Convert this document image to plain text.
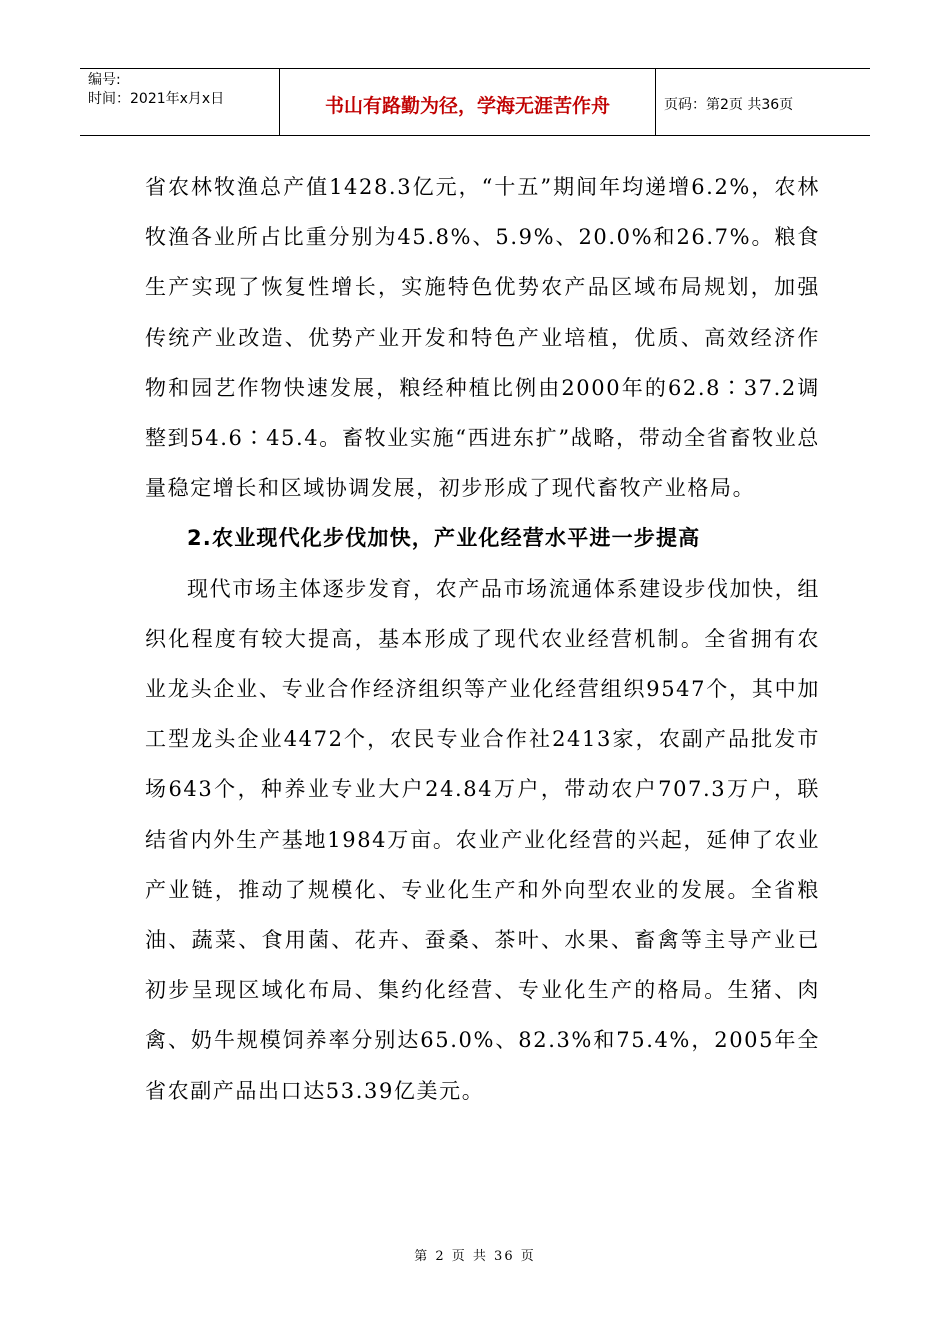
编号:
时间：2021年x月x日	书山有路勤为径，学海无涯苦作舟	页码：第2页 共36页

省农林牧渔总产值1428.3亿元，“十五”期间年均递增6.2%，农林牧渔各业所占比重分别为45.8%、5.9%、20.0%和26.7%。粮食生产实现了恢复性增长，实施特色优势农产品区域布局规划，加强传统产业改造、优势产业开发和特色产业培植，优质、高效经济作物和园艺作物快速发展，粮经种植比例由2000年的62.8∶37.2调整到54.6∶45.4。畜牧业实施“西进东扩”战略，带动全省畜牧业总量稳定增长和区域协调发展，初步形成了现代畜牧产业格局。

2.农业现代化步伐加快，产业化经营水平进一步提高

现代市场主体逐步发育，农产品市场流通体系建设步伐加快，组织化程度有较大提高，基本形成了现代农业经营机制。全省拥有农业龙头企业、专业合作经济组织等产业化经营组织9547个，其中加工型龙头企业4472个，农民专业合作社2413家，农副产品批发市场643个，种养业专业大户24.84万户，带动农户707.3万户，联结省内外生产基地1984万亩。农业产业化经营的兴起，延伸了农业产业链，推动了规模化、专业化生产和外向型农业的发展。全省粮油、蔬菜、食用菌、花卉、蚕桑、茶叶、水果、畜禽等主导产业已初步呈现区域化布局、集约化经营、专业化生产的格局。生猪、肉禽、奶牛规模饲养率分别达65.0%、82.3%和75.4%，2005年全省农副产品出口达53.39亿美元。

第 2 页 共 36 页
